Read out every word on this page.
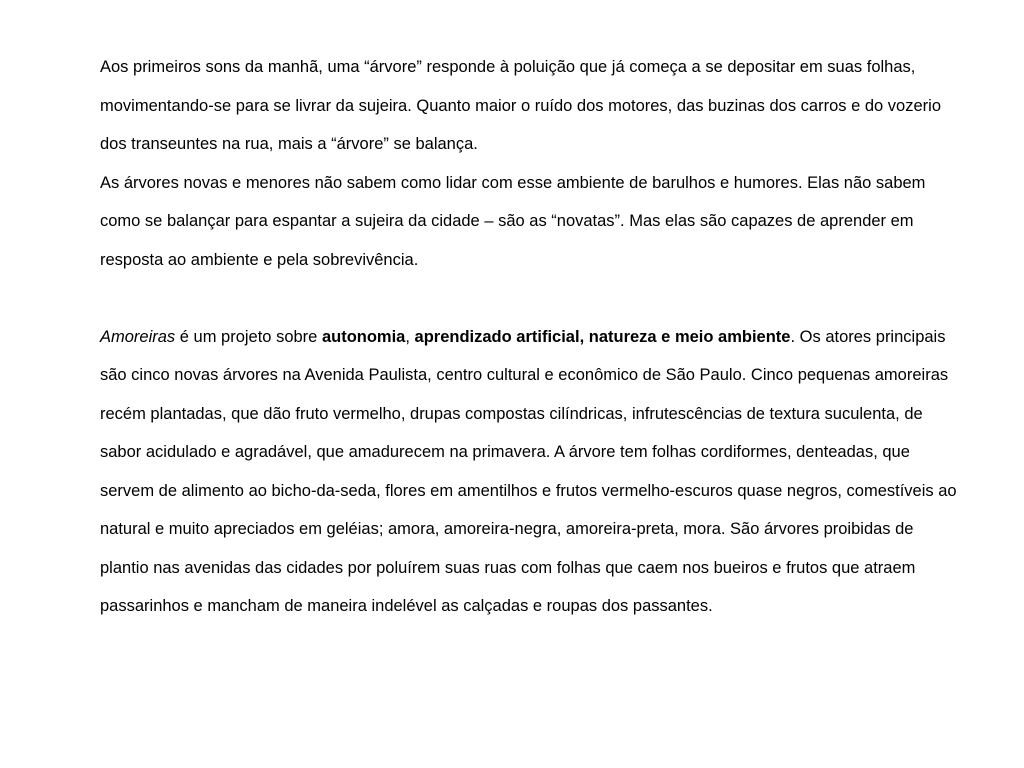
Aos primeiros sons da manhã, uma “árvore” responde à poluição que já começa a se depositar em suas folhas, movimentando-se para se livrar da sujeira. Quanto maior o ruído dos motores, das buzinas dos carros e do vozerio dos transeuntes na rua, mais a “árvore” se balança.

As árvores novas e menores não sabem como lidar com esse ambiente de barulhos e humores. Elas não sabem como se balançar para espantar a sujeira da cidade – são as “novatas”. Mas elas são capazes de aprender em resposta ao ambiente e pela sobrevivência.

Amoreiras é um projeto sobre autonomia, aprendizado artificial, natureza e meio ambiente. Os atores principais são cinco novas árvores na Avenida Paulista, centro cultural e econômico de São Paulo. Cinco pequenas amoreiras recém plantadas, que dão fruto vermelho, drupas compostas cilíndricas, infrutescências de textura suculenta, de sabor acidulado e agradável, que amadurecem na primavera. A árvore tem folhas cordiformes, denteadas, que servem de alimento ao bicho-da-seda, flores em amentilhos e frutos vermelho-escuros quase negros, comestíveis ao natural e muito apreciados em geléias; amora, amoreira-negra, amoreira-preta, mora. São árvores proibidas de plantio nas avenidas das cidades por poluírem suas ruas com folhas que caem nos bueiros e frutos que atraem passarinhos e mancham de maneira indelével as calçadas e roupas dos passantes.
